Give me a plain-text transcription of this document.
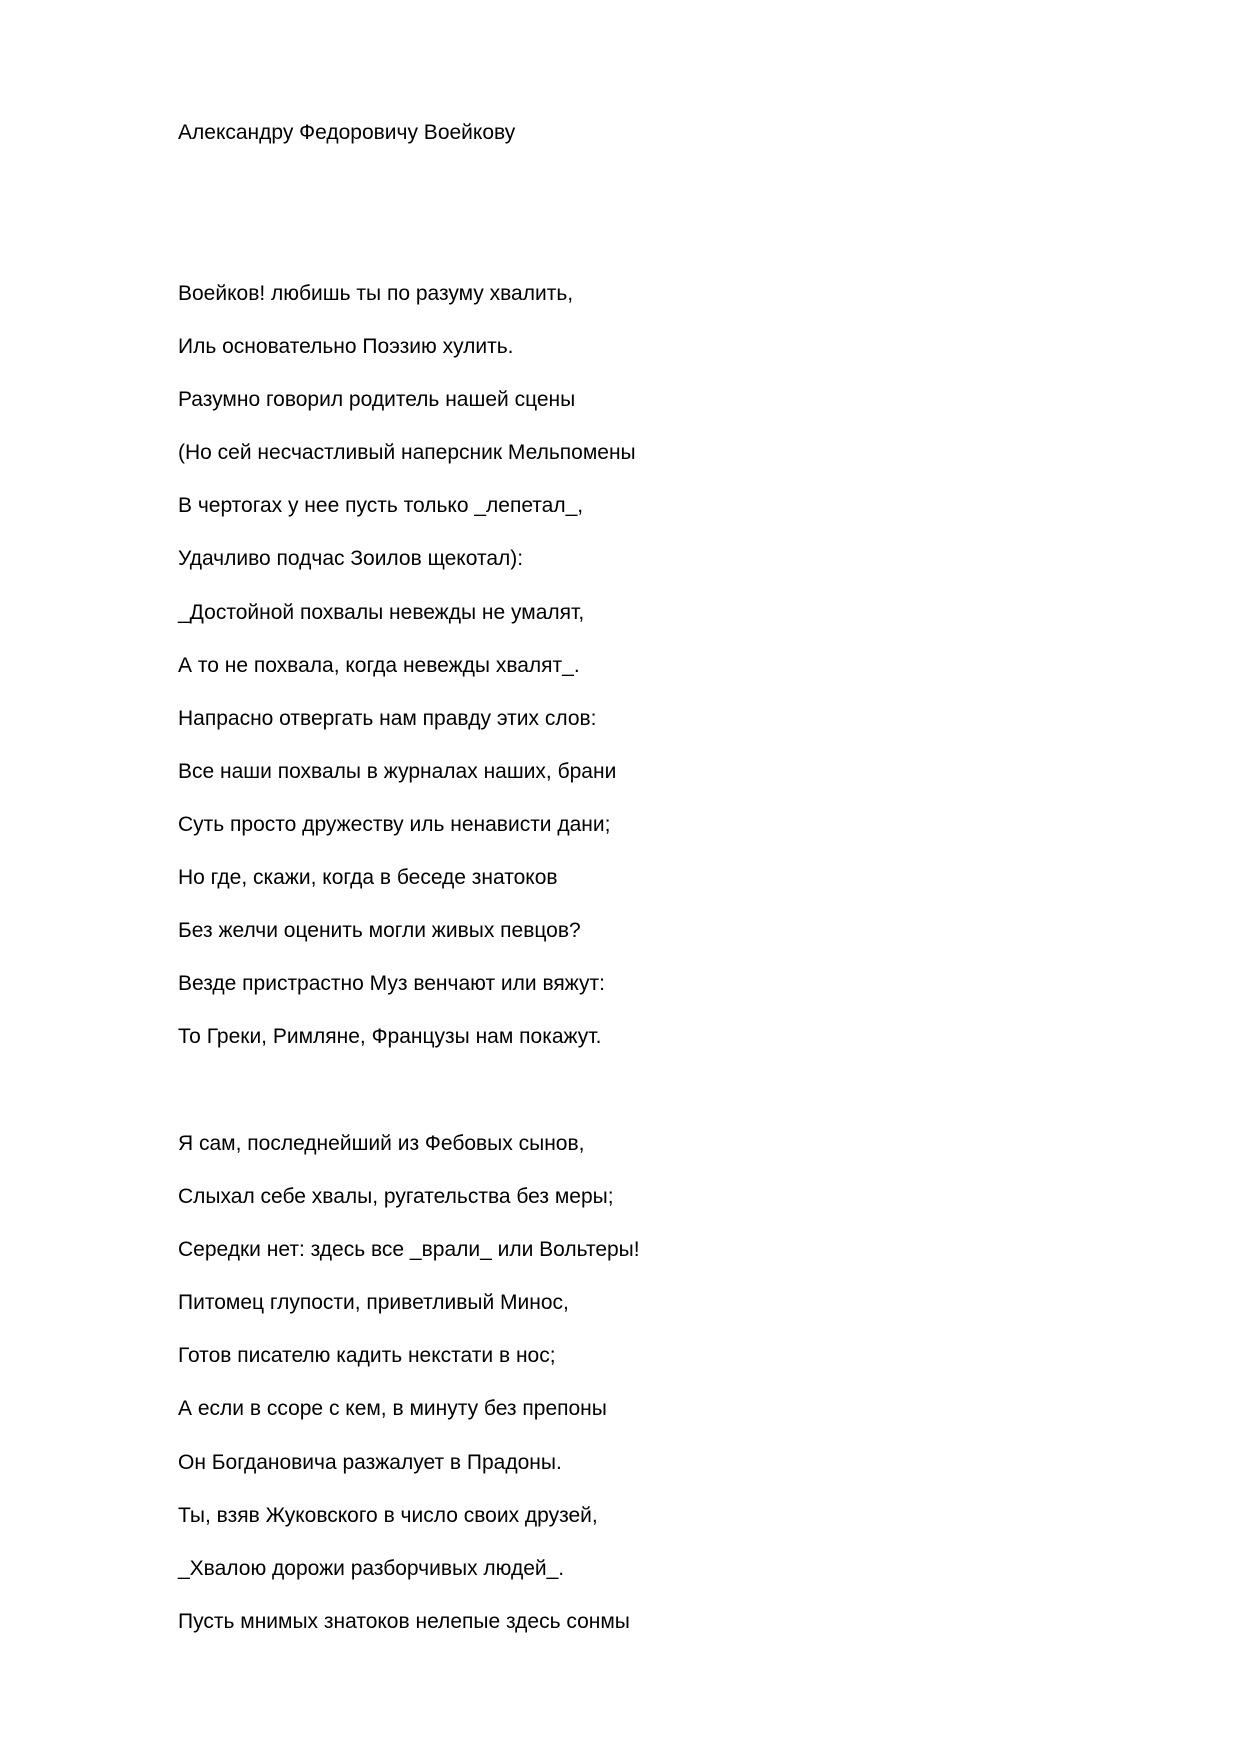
Александру Федоровичу Воейкову
Воейков! любишь ты по разуму хвалить,
Иль основательно Поэзию хулить.
Разумно говорил родитель нашей сцены
(Но сей несчастливый наперсник Мельпомены
В чертогах у нее пусть только _лепетал_,
Удачливо подчас Зоилов щекотал):
_Достойной похвалы невежды не умалят,
А то не похвала, когда невежды хвалят_.
Напрасно отвергать нам правду этих слов:
Все наши похвалы в журналах наших, брани
Суть просто дружеству иль ненависти дани;
Но где, скажи, когда в беседе знатоков
Без желчи оценить могли живых певцов?
Везде пристрастно Муз венчают или вяжут:
То Греки, Римляне, Французы нам покажут.
Я сам, последнейший из Фебовых сынов,
Слыхал себе хвалы, ругательства без меры;
Середки нет: здесь все _врали_ или Вольтеры!
Питомец глупости, приветливый Минос,
Готов писателю кадить некстати в нос;
А если в ссоре с кем, в минуту без препоны
Он Богдановича разжалует в Прадоны.
Ты, взяв Жуковского в число своих друзей,
_Хвалою дорожи разборчивых людей_.
Пусть мнимых знатоков нелепые здесь сонмы
